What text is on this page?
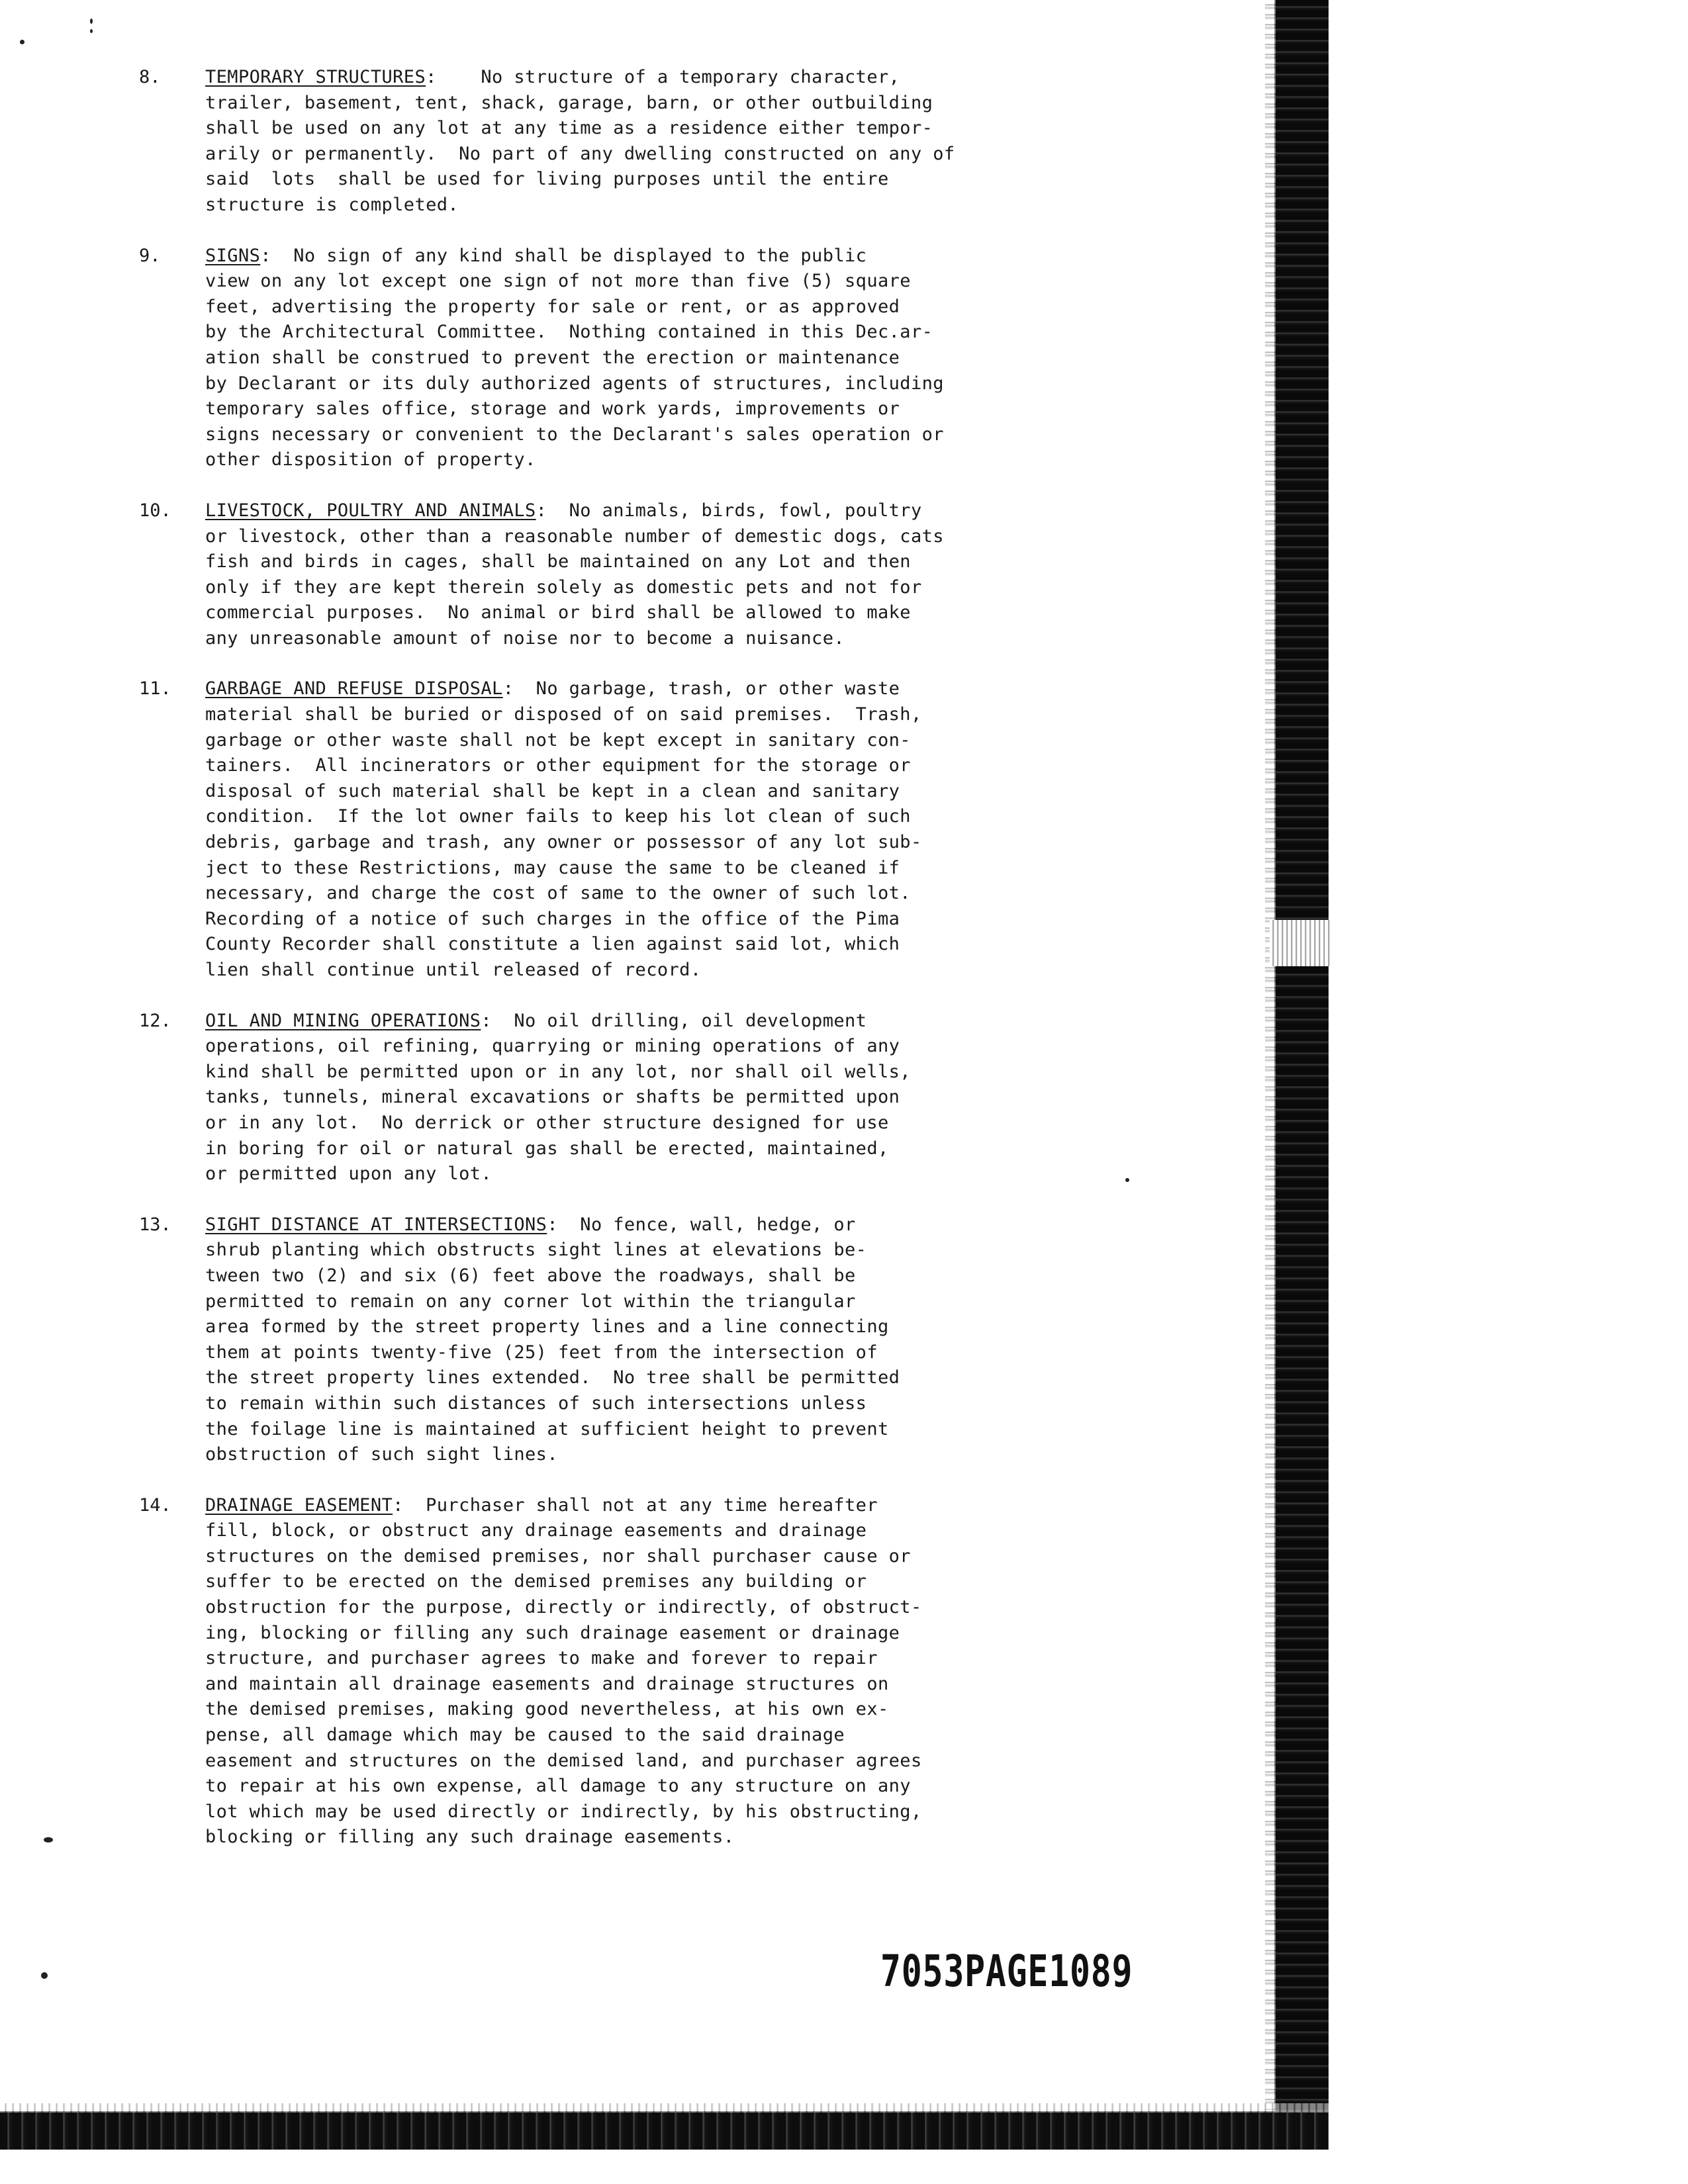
8.	TEMPORARY STRUCTURES:    No structure of a temporary character,
trailer, basement, tent, shack, garage, barn, or other outbuilding
shall be used on any lot at any time as a residence either tempor-
arily or permanently.  No part of any dwelling constructed on any of
said  lots  shall be used for living purposes until the entire
structure is completed.
9.	SIGNS:  No sign of any kind shall be displayed to the public
view on any lot except one sign of not more than five (5) square
feet, advertising the property for sale or rent, or as approved
by the Architectural Committee.  Nothing contained in this Dec.ar-
ation shall be construed to prevent the erection or maintenance
by Declarant or its duly authorized agents of structures, including
temporary sales office, storage and work yards, improvements or
signs necessary or convenient to the Declarant's sales operation or
other disposition of property.
10.	LIVESTOCK, POULTRY AND ANIMALS:  No animals, birds, fowl, poultry
or livestock, other than a reasonable number of demestic dogs, cats
fish and birds in cages, shall be maintained on any Lot and then
only if they are kept therein solely as domestic pets and not for
commercial purposes.  No animal or bird shall be allowed to make
any unreasonable amount of noise nor to become a nuisance.
11.	GARBAGE AND REFUSE DISPOSAL:  No garbage, trash, or other waste
material shall be buried or disposed of on said premises.  Trash,
garbage or other waste shall not be kept except in sanitary con-
tainers.  All incinerators or other equipment for the storage or
disposal of such material shall be kept in a clean and sanitary
condition.  If the lot owner fails to keep his lot clean of such
debris, garbage and trash, any owner or possessor of any lot sub-
ject to these Restrictions, may cause the same to be cleaned if
necessary, and charge the cost of same to the owner of such lot.
Recording of a notice of such charges in the office of the Pima
County Recorder shall constitute a lien against said lot, which
lien shall continue until released of record.
12.	OIL AND MINING OPERATIONS:  No oil drilling, oil development
operations, oil refining, quarrying or mining operations of any
kind shall be permitted upon or in any lot, nor shall oil wells,
tanks, tunnels, mineral excavations or shafts be permitted upon
or in any lot.  No derrick or other structure designed for use
in boring for oil or natural gas shall be erected, maintained,
or permitted upon any lot.
13.	SIGHT DISTANCE AT INTERSECTIONS:  No fence, wall, hedge, or
shrub planting which obstructs sight lines at elevations be-
tween two (2) and six (6) feet above the roadways, shall be
permitted to remain on any corner lot within the triangular
area formed by the street property lines and a line connecting
them at points twenty-five (25) feet from the intersection of
the street property lines extended.  No tree shall be permitted
to remain within such distances of such intersections unless
the foilage line is maintained at sufficient height to prevent
obstruction of such sight lines.
14.	DRAINAGE EASEMENT:  Purchaser shall not at any time hereafter
fill, block, or obstruct any drainage easements and drainage
structures on the demised premises, nor shall purchaser cause or
suffer to be erected on the demised premises any building or
obstruction for the purpose, directly or indirectly, of obstruct-
ing, blocking or filling any such drainage easement or drainage
structure, and purchaser agrees to make and forever to repair
and maintain all drainage easements and drainage structures on
the demised premises, making good nevertheless, at his own ex-
pense, all damage which may be caused to the said drainage
easement and structures on the demised land, and purchaser agrees
to repair at his own expense, all damage to any structure on any
lot which may be used directly or indirectly, by his obstructing,
blocking or filling any such drainage easements.
7053PAGE1089
